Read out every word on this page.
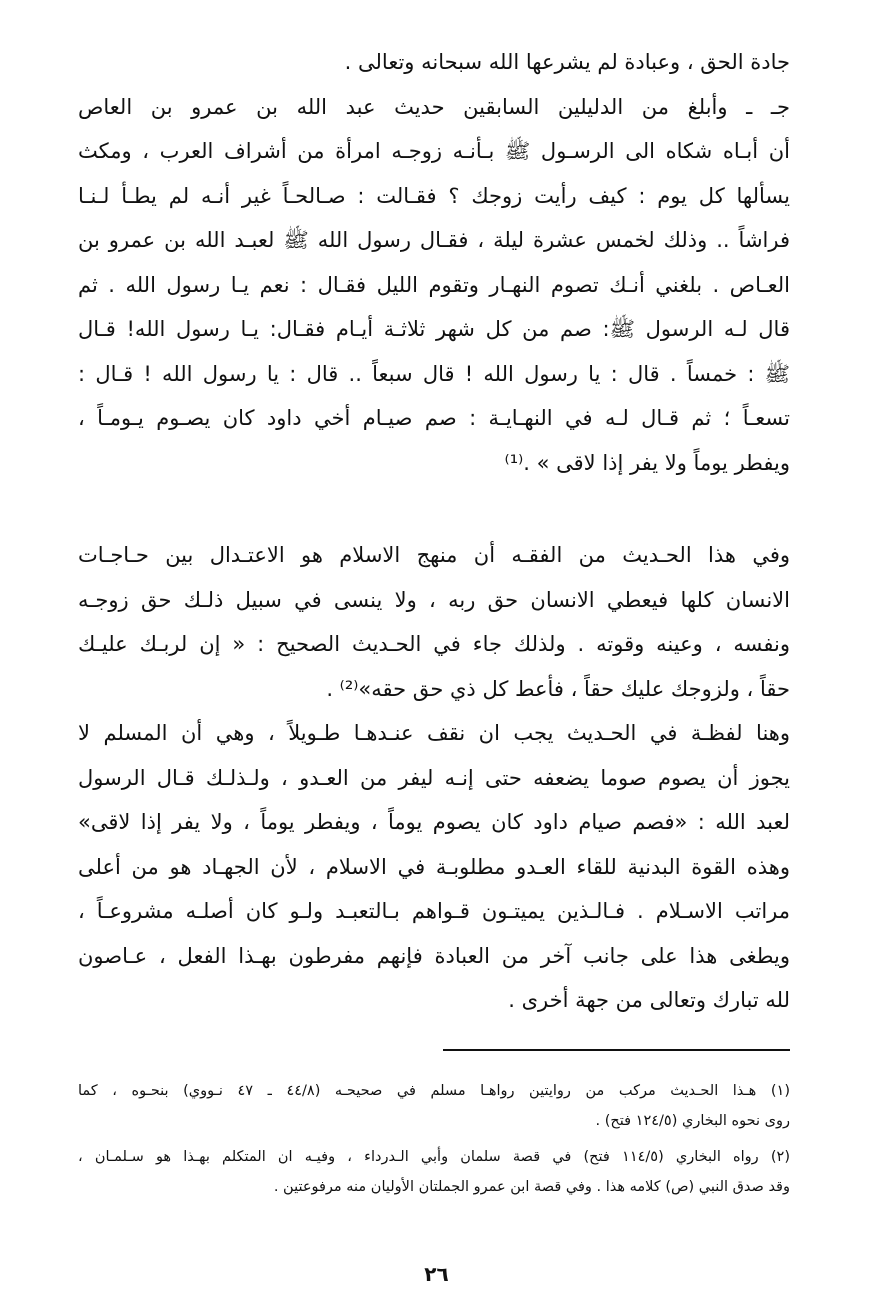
جادة الحق ، وعبادة لم يشرعها الله سبحانه وتعالى .
جـ ـ وأبلغ من الدليلين السابقين حديث عبد الله بن عمرو بن العاص
أن أبـاه شكاه الى الرسـول ﷺ بـأنـه زوجـه امرأة من أشراف العرب ، ومكث
يسألها كل يوم : كيف رأيت زوجك ؟ فقـالت : صـالحـاً غير أنـه لم يطـأ لـنـا
فراشاً .. وذلك لخمس عشرة ليلة ، فقـال رسول الله ﷺ لعبـد الله بن عمرو بن
العـاص . بلغني أنـك تصوم النهـار وتقوم الليل فقـال : نعم يـا رسول الله . ثم
قال لـه الرسول ﷺ: صم من كل شهر ثلاثـة أيـام فقـال: يـا رسول الله! قـال
ﷺ : خمساً . قال : يا رسول الله ! قال سبعاً .. قال : يا رسول الله ! قـال :
تسعـاً ؛ ثم قـال لـه في النهـايـة : صم صيـام أخي داود كان يصـوم يـومـاً ،
ويفطر يوماً ولا يفر إذا لاقى » .⁽¹⁾
وفي هذا الحـديث من الفقـه أن منهج الاسلام هو الاعتـدال بين حـاجـات
الانسان كلها فيعطي الانسان حق ربه ، ولا ينسى في سبيل ذلـك حق زوجـه
ونفسه ، وعينه وقوته . ولذلك جاء في الحـديث الصحيح : « إن لربـك عليـك
حقاً ، ولزوجك عليك حقاً ، فأعط كل ذي حق حقه»⁽²⁾ .
وهنا لفظـة في الحـديث يجب ان نقف عنـدهـا طـويلاً ، وهي أن المسلم لا
يجوز أن يصوم صوما يضعفه حتى إنـه ليفر من العـدو ، ولـذلـك قـال الرسول
لعبد الله : «فصم صيام داود كان يصوم يوماً ، ويفطر يوماً ، ولا يفر إذا لاقى»
وهذه القوة البدنية للقاء العـدو مطلوبـة في الاسلام ، لأن الجهـاد هو من أعلى
مراتب الاسـلام . فـالـذين يميتـون قـواهم بـالتعبـد ولـو كان أصلـه مشروعـاً ،
ويطغى هذا على جانب آخر من العبادة فإنهم مفرطون بهـذا الفعل ، عـاصون
لله تبارك وتعالى من جهة أخرى .
(١) هـذا الحـديث مركب من روايتين رواهـا مسلم في صحيحـه (٤٤/٨ ـ ٤٧ نـووي) بنحـوه ، كما
روى نحوه البخاري (١٢٤/٥ فتح) .
(٢) رواه البخاري (١١٤/٥ فتح) في قصة سلمان وأبي الـدرداء ، وفيـه ان المتكلم بهـذا هو سـلمـان ،
وقد صدق النبي (ص) كلامه هذا . وفي قصة ابن عمرو الجملتان الأوليان منه مرفوعتين .
٢٦
